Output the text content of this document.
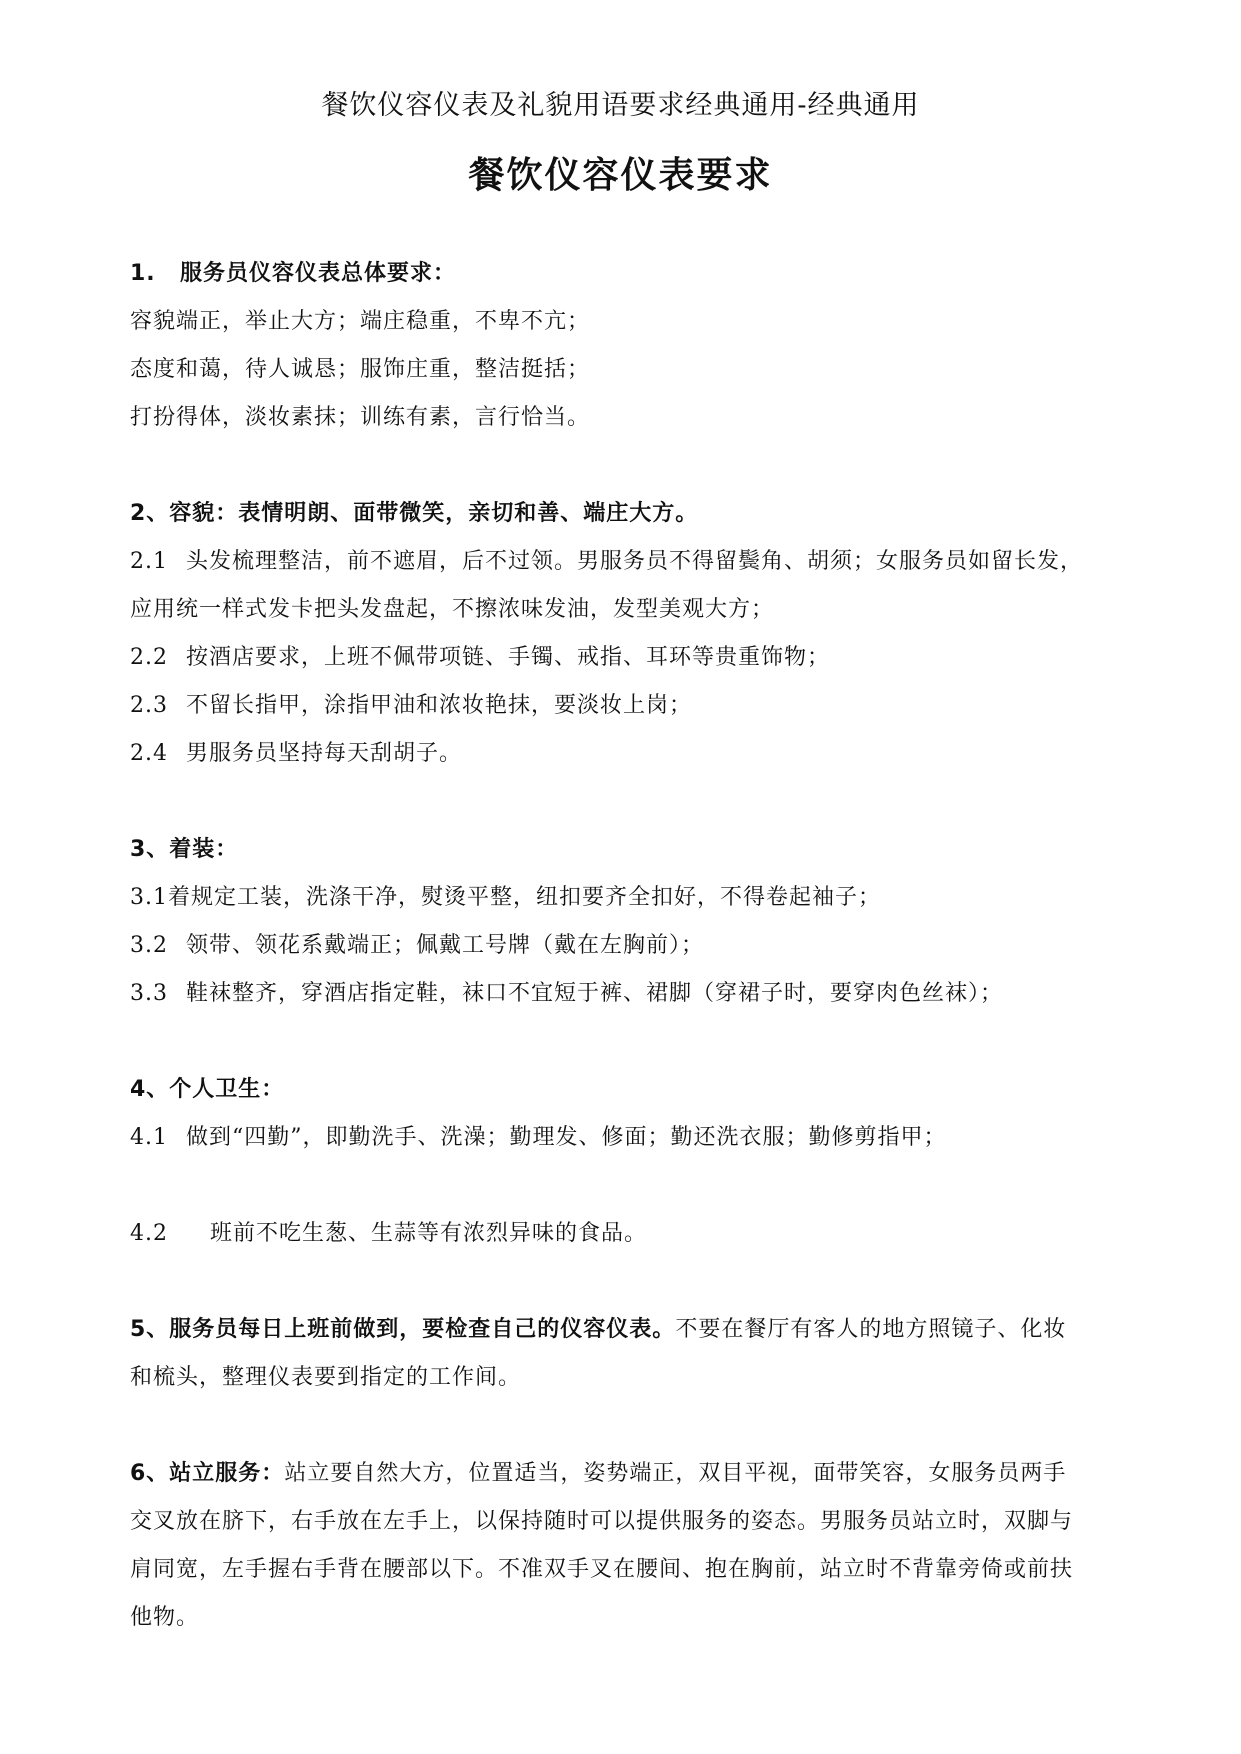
餐饮仪容仪表及礼貌用语要求经典通用-经典通用
餐饮仪容仪表要求
1. 服务员仪容仪表总体要求：
容貌端正，举止大方；端庄稳重，不卑不亢；
态度和蔼，待人诚恳；服饰庄重，整洁挺括；
打扮得体，淡妆素抹；训练有素，言行恰当。
2、容貌：表情明朗、面带微笑，亲切和善、端庄大方。
2.1 头发梳理整洁，前不遮眉，后不过领。男服务员不得留鬓角、胡须；女服务员如留长发，
应用统一样式发卡把头发盘起，不擦浓味发油，发型美观大方；
2.2 按酒店要求，上班不佩带项链、手镯、戒指、耳环等贵重饰物；
2.3 不留长指甲，涂指甲油和浓妆艳抹，要淡妆上岗；
2.4 男服务员坚持每天刮胡子。
3、着装：
3.1着规定工装，洗涤干净，熨烫平整，纽扣要齐全扣好，不得卷起袖子；
3.2 领带、领花系戴端正；佩戴工号牌（戴在左胸前）；
3.3 鞋袜整齐，穿酒店指定鞋，袜口不宜短于裤、裙脚（穿裙子时，要穿肉色丝袜）；
4、个人卫生：
4.1 做到“四勤”，即勤洗手、洗澡；勤理发、修面；勤还洗衣服；勤修剪指甲；
4.2 班前不吃生葱、生蒜等有浓烈异味的食品。
5、服务员每日上班前做到，要检查自己的仪容仪表。不要在餐厅有客人的地方照镜子、化妆
和梳头，整理仪表要到指定的工作间。
6、站立服务：站立要自然大方，位置适当，姿势端正，双目平视，面带笑容，女服务员两手
交叉放在脐下，右手放在左手上，以保持随时可以提供服务的姿态。男服务员站立时，双脚与
肩同宽，左手握右手背在腰部以下。不准双手叉在腰间、抱在胸前，站立时不背靠旁倚或前扶
他物。
